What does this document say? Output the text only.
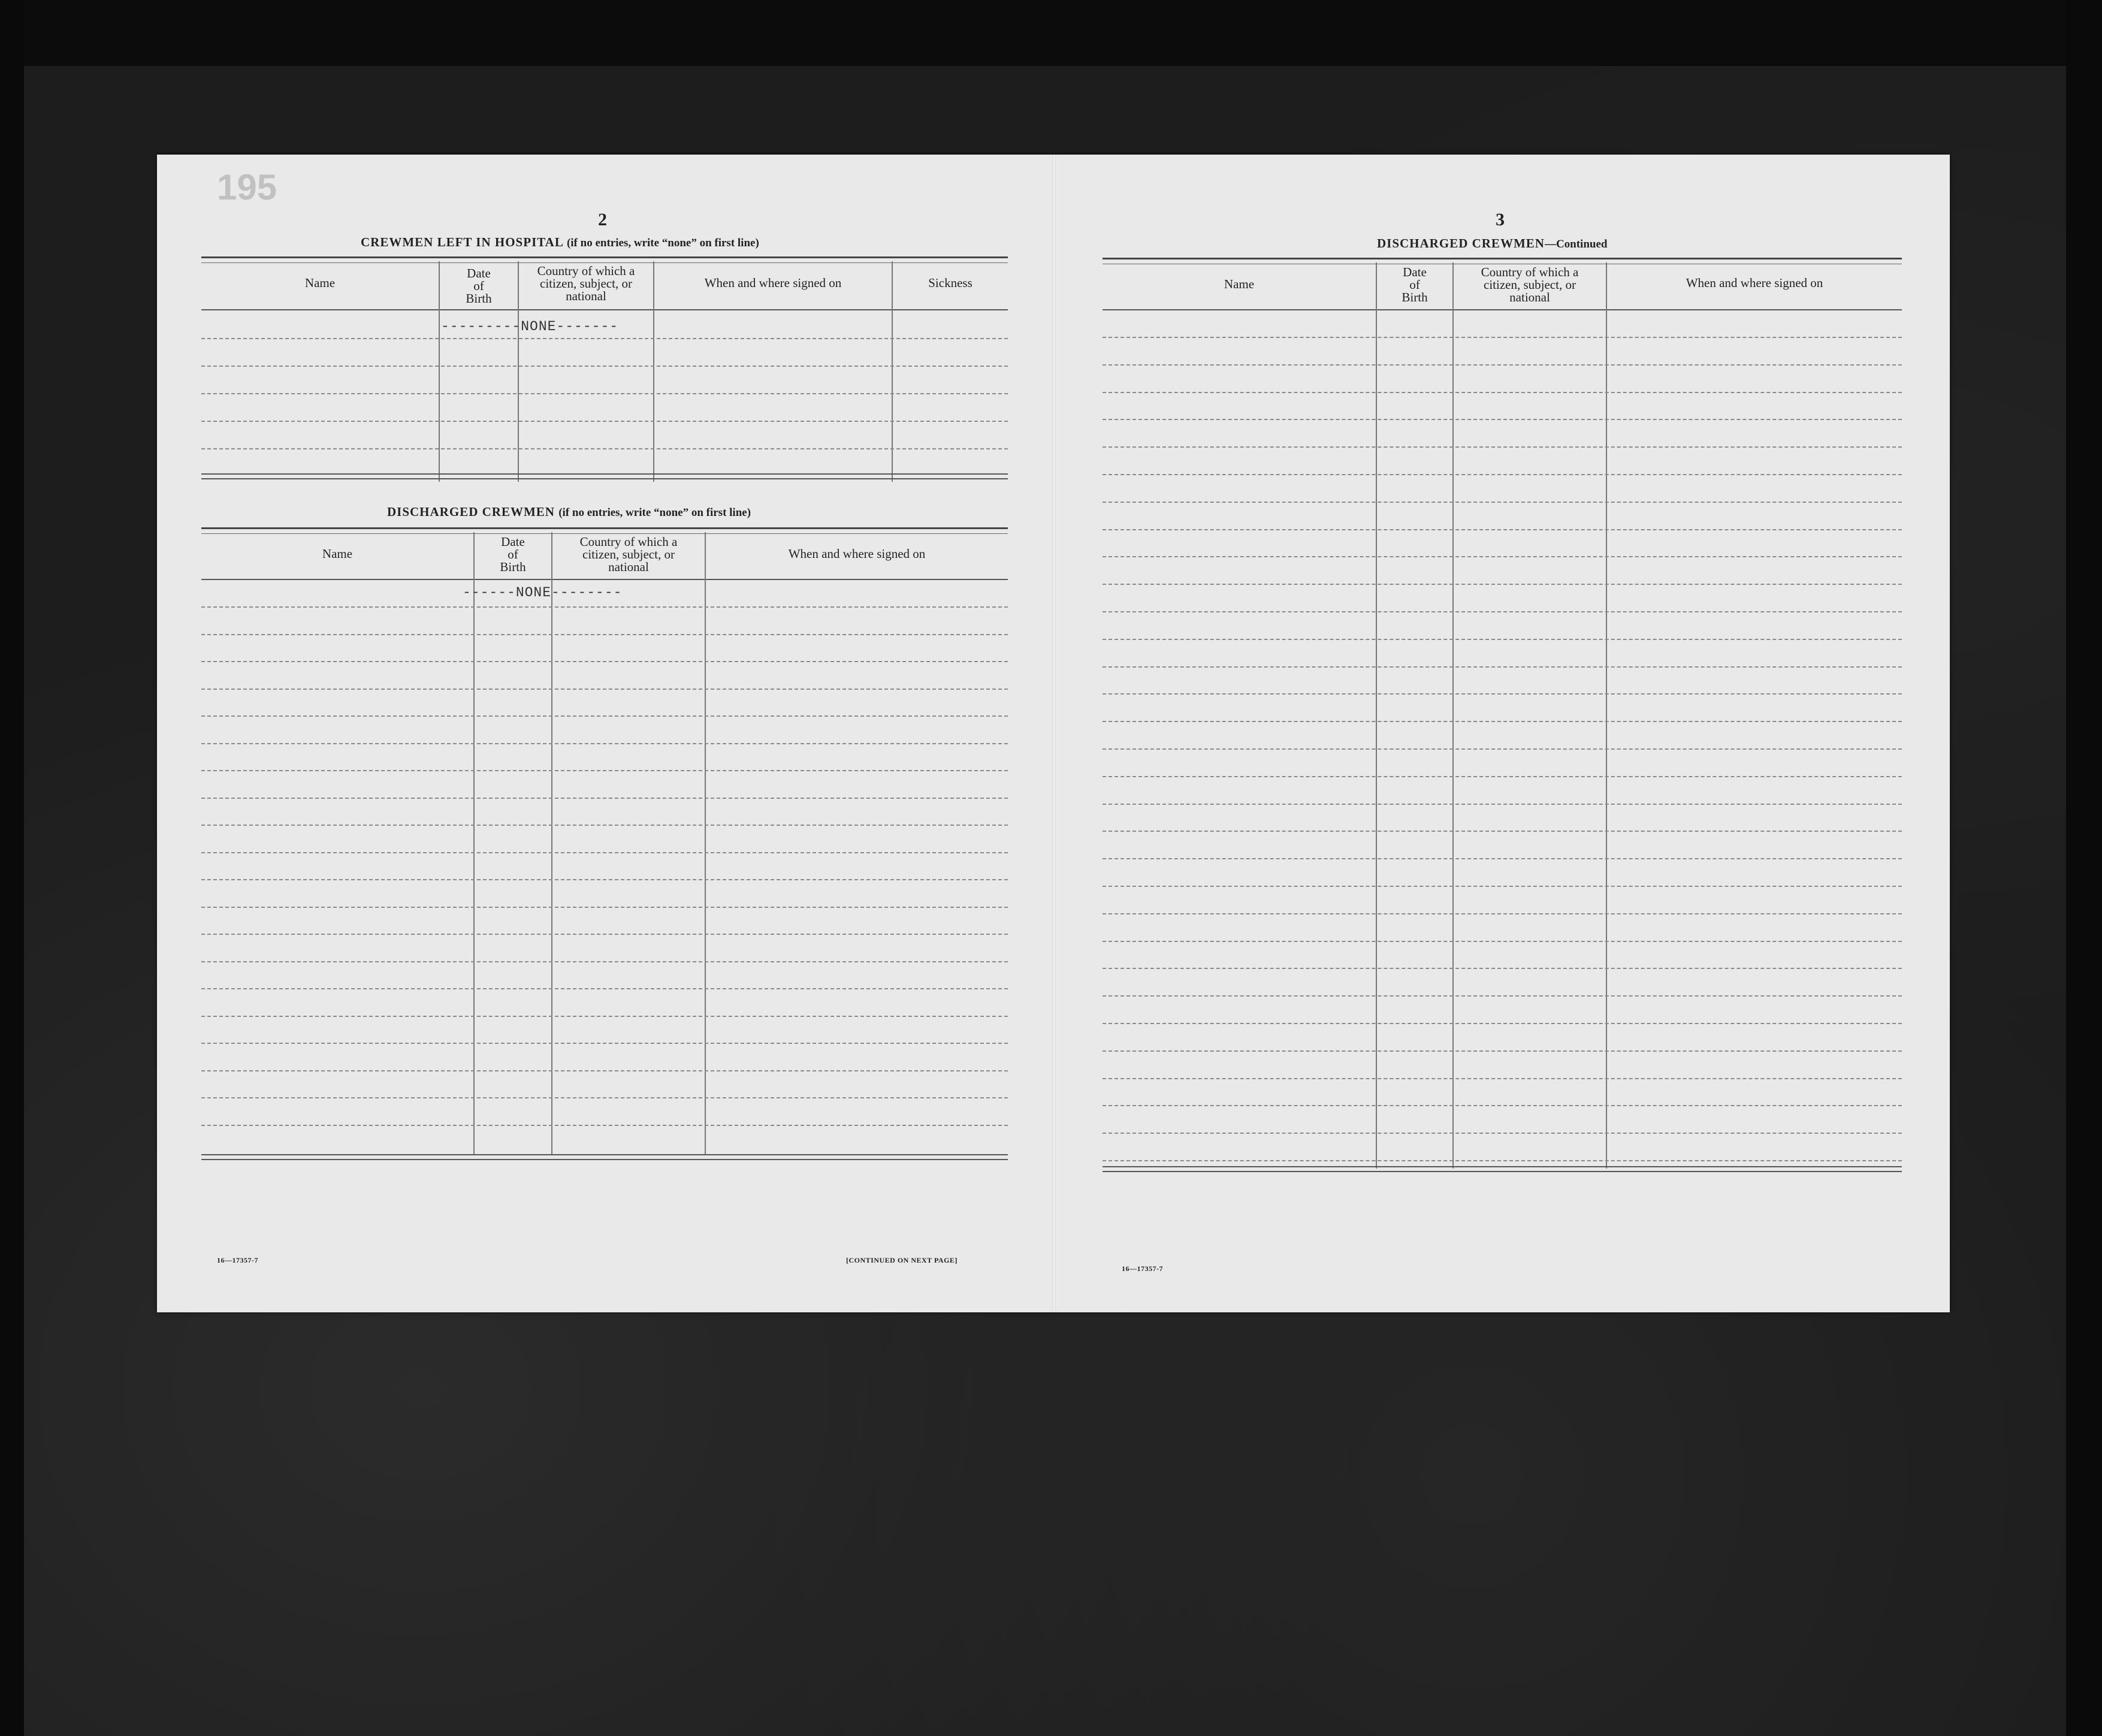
195
2
CREWMEN LEFT IN HOSPITAL (if no entries, write “none” on first line)
Name
Date
of
Birth
Country of which a
citizen, subject, or
national
When and where signed on	Sickness
---------NONE-------
DISCHARGED CREWMEN (if no entries, write “none” on first line)
Name
Date
of
Birth
Country of which a
citizen, subject, or
national
When and where signed on
------NONE--------
16—17357-7	[CONTINUED ON NEXT PAGE]
3
DISCHARGED CREWMEN—Continued
Name
Date
of
Birth
Country of which a
citizen, subject, or
national
When and where signed on
16—17357-7
